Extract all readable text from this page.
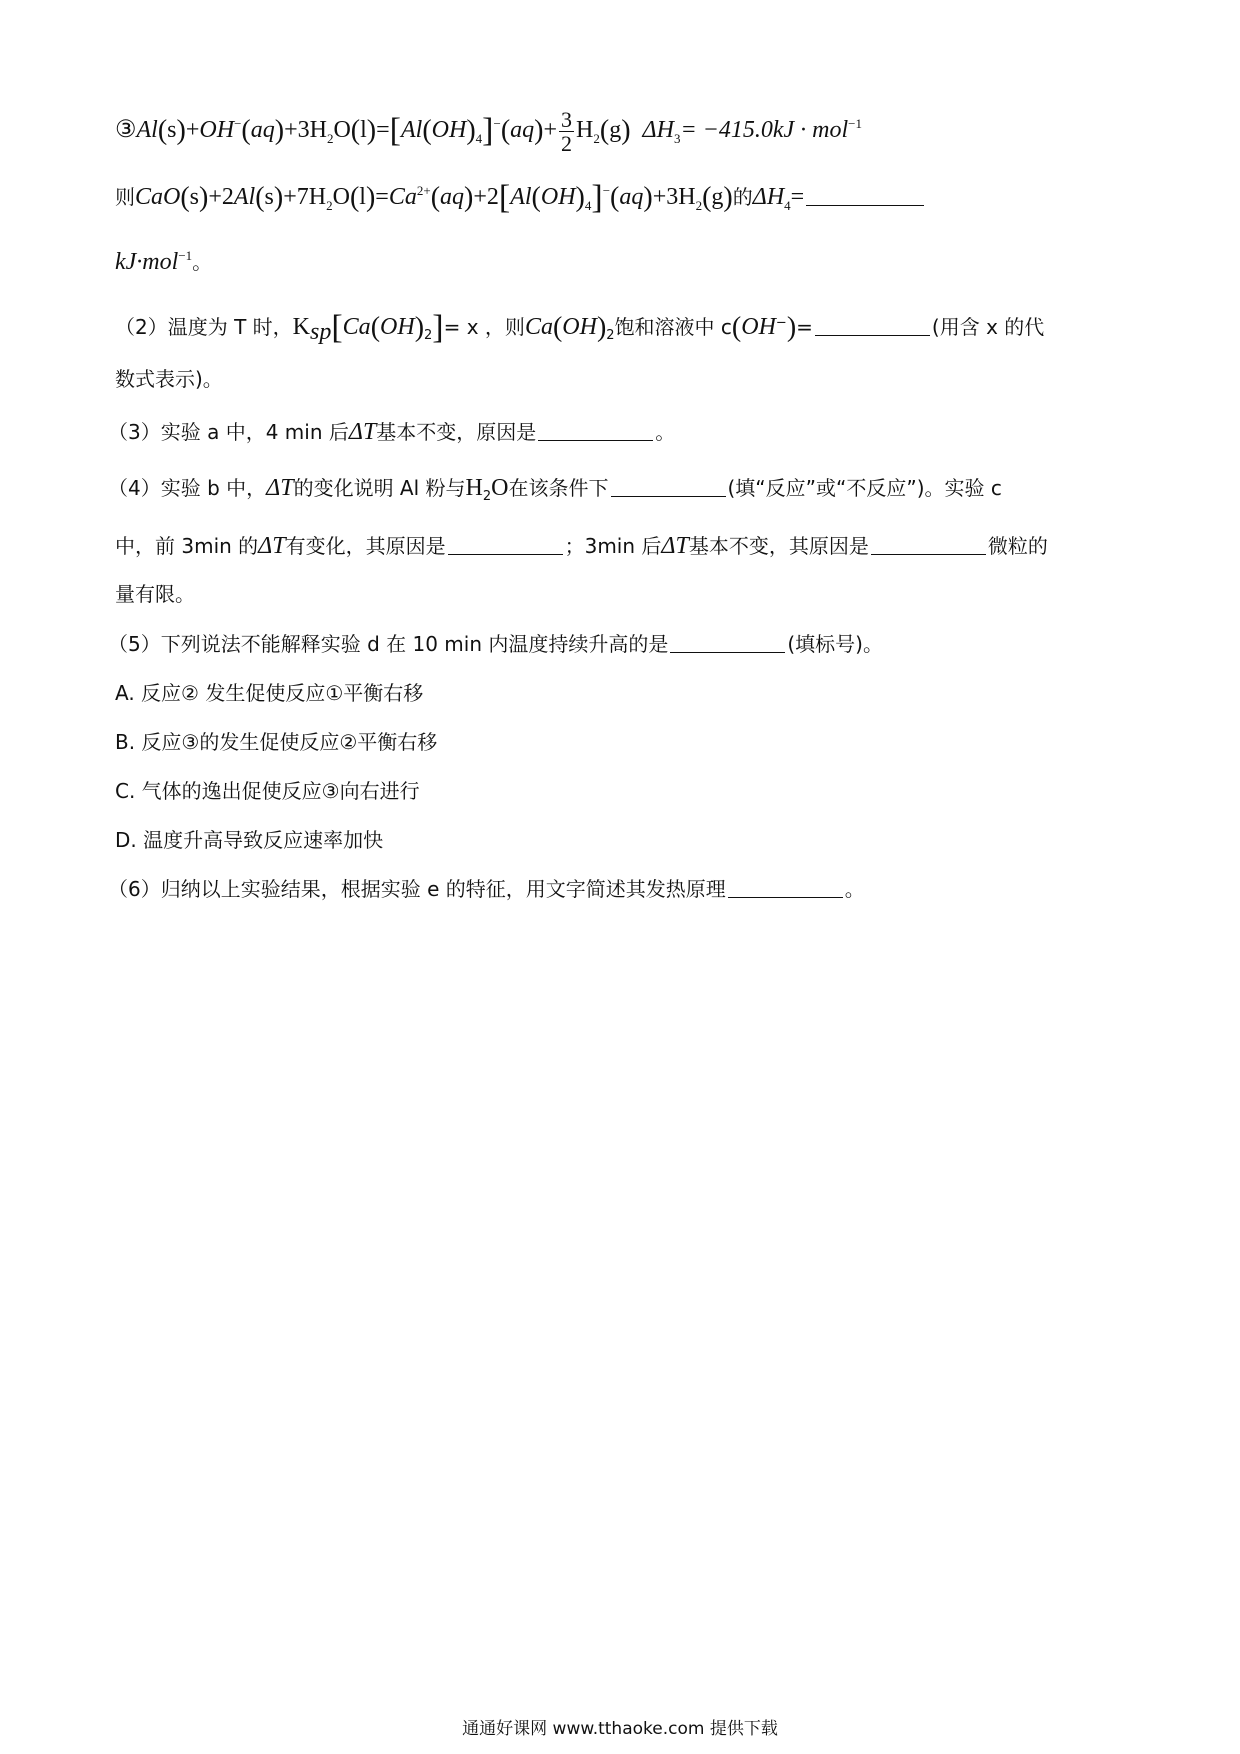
$③Al(s)+OH^-(aq)+3H_2O(l)=[Al(OH)_4]^-(aq)+ \frac{3}{2} H_2(g)$ $\Delta H_3= -415.0kJ \cdot mol^{-1}$
则$CaO(s)+2Al(s)+7H_2O(l)=Ca^{2+}(aq)+2[Al(OH)_4]^-(aq)+3H_2(g)$的$\Delta H_4=$
kJ·mol$^{-1}$。
（2）温度为 T 时，$K_{sp}[Ca(OH)_2]= x$ ，则$Ca(OH)_2$饱和溶液中 c(OH−)=	(用含 x 的代
数式表示)。
（3）实验 a 中，4 min 后ΔT基本不变，原因是	。
（4）实验 b 中，ΔT的变化说明 Al 粉与$H_2O$在该条件下	(填“反应”或“不反应”)。实验 c
中，前 3min 的ΔT有变化，其原因是	；3min 后ΔT基本不变，其原因是	微粒的
量有限。
（5）下列说法不能解释实验 d 在 10 min 内温度持续升高的是	(填标号)。
A. 反应② 发生促使反应①平衡右移
B. 反应③的发生促使反应②平衡右移
C. 气体的逸出促使反应③向右进行
D. 温度升高导致反应速率加快
（6）归纳以上实验结果，根据实验 e 的特征，用文字简述其发热原理	。
通通好课网 www.tthaoke.com 提供下载
